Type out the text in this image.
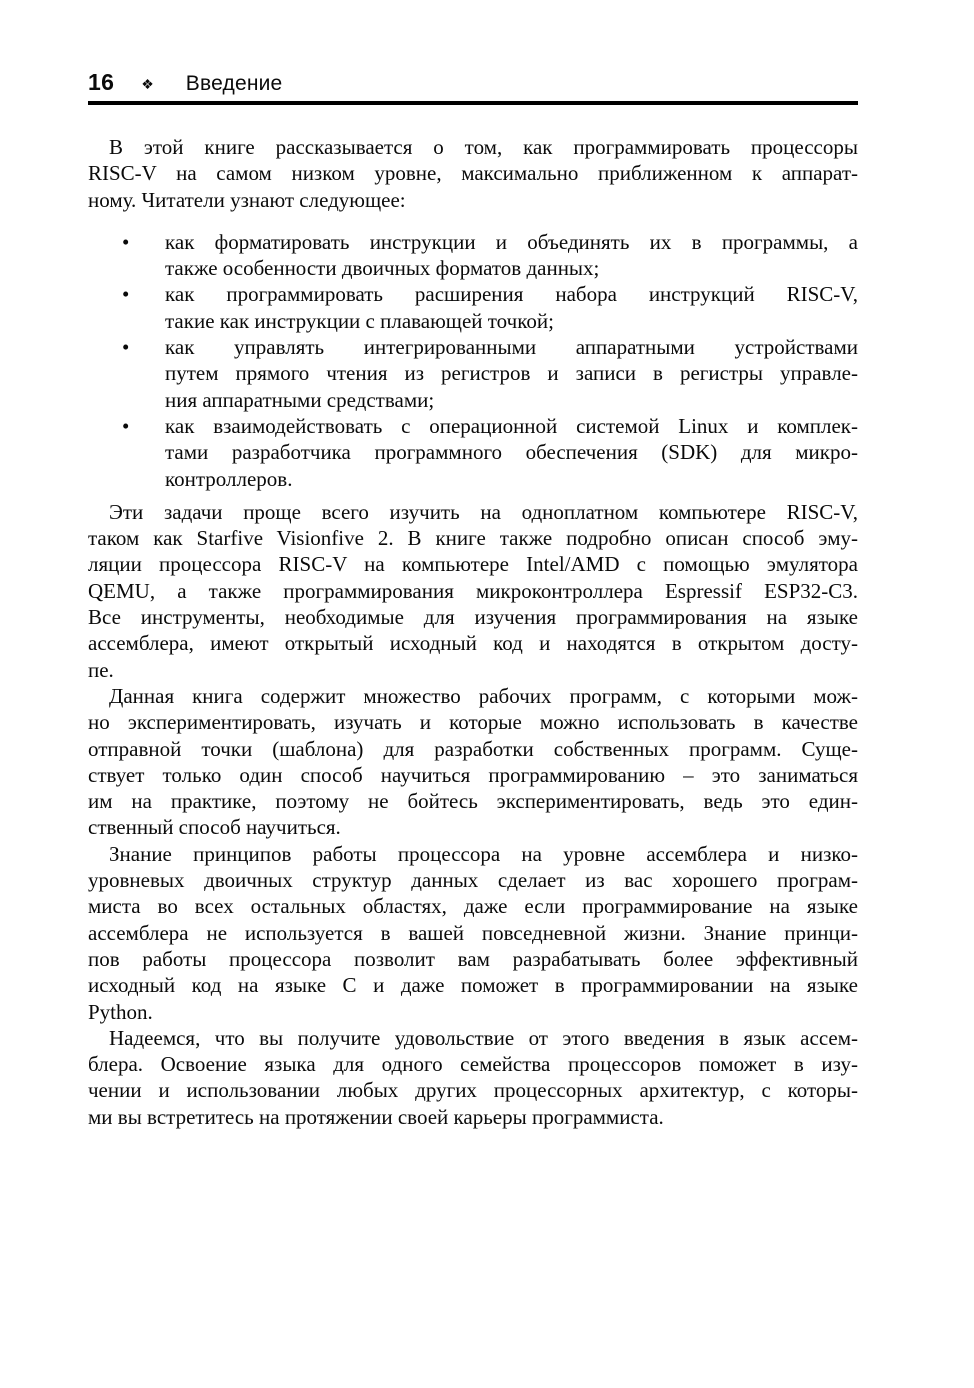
16 ❖ Введение
В этой книге рассказывается о том, как программировать процессоры
RISC-V на самом низком уровне, максимально приближенном к аппарат-
ному. Читатели узнают следующее:
•	как форматировать инструкции и объединять их в программы, а
также особенности двоичных форматов данных;
•	как программировать расширения набора инструкций RISC-V,
такие как инструкции с плавающей точкой;
•	как управлять интегрированными аппаратными устройствами
путем прямого чтения из регистров и записи в регистры управле-
ния аппаратными средствами;
•	как взаимодействовать с операционной системой Linux и комплек-
тами разработчика программного обеспечения (SDK) для микро-
контроллеров.
Эти задачи проще всего изучить на одноплатном компьютере RISC-V,
таком как Starfive Visionfive 2. В книге также подробно описан способ эму-
ляции процессора RISC-V на компьютере Intel/AMD с помощью эмулятора
QEMU, а также программирования микроконтроллера Espressif ESP32-C3.
Все инструменты, необходимые для изучения программирования на языке
ассемблера, имеют открытый исходный код и находятся в открытом досту-
пе.
Данная книга содержит множество рабочих программ, с которыми мож-
но экспериментировать, изучать и которые можно использовать в качестве
отправной точки (шаблона) для разработки собственных программ. Суще-
ствует только один способ научиться программированию – это заниматься
им на практике, поэтому не бойтесь экспериментировать, ведь это един-
ственный способ научиться.
Знание принципов работы процессора на уровне ассемблера и низко-
уровневых двоичных структур данных сделает из вас хорошего програм-
миста во всех остальных областях, даже если программирование на языке
ассемблера не используется в вашей повседневной жизни. Знание принци-
пов работы процессора позволит вам разрабатывать более эффективный
исходный код на языке C и даже поможет в программировании на языке
Python.
Надеемся, что вы получите удовольствие от этого введения в язык ассем-
блера. Освоение языка для одного семейства процессоров поможет в изу-
чении и использовании любых других процессорных архитектур, с которы-
ми вы встретитесь на протяжении своей карьеры программиста.
